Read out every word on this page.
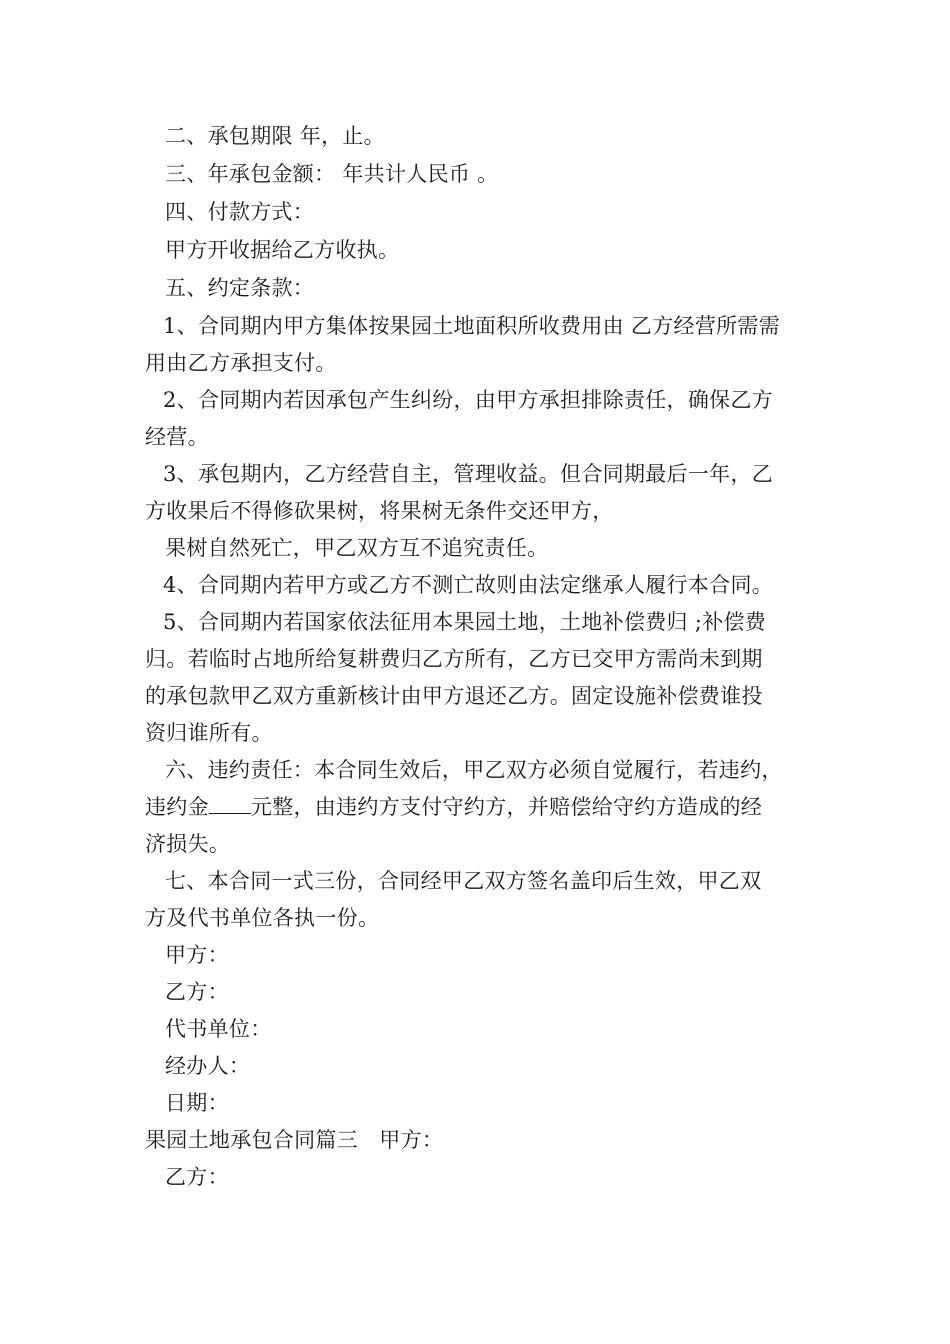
二、承包期限 年，止。
三、年承包金额： 年共计人民币 。
四、付款方式：
甲方开收据给乙方收执。
五、约定条款：
1、合同期内甲方集体按果园土地面积所收费用由 乙方经营所需需
用由乙方承担支付。
2、合同期内若因承包产生纠纷，由甲方承担排除责任，确保乙方
经营。
3、承包期内，乙方经营自主，管理收益。但合同期最后一年，乙
方收果后不得修砍果树，将果树无条件交还甲方，
果树自然死亡，甲乙双方互不追究责任。
4、合同期内若甲方或乙方不测亡故则由法定继承人履行本合同。
5、合同期内若国家依法征用本果园土地，土地补偿费归 ;补偿费
归。若临时占地所给复耕费归乙方所有，乙方已交甲方需尚未到期
的承包款甲乙双方重新核计由甲方退还乙方。固定设施补偿费谁投
资归谁所有。
六、违约责任：本合同生效后，甲乙双方必须自觉履行，若违约，
违约金 元整，由违约方支付守约方，并赔偿给守约方造成的经
济损失。
七、本合同一式三份，合同经甲乙双方签名盖印后生效，甲乙双
方及代书单位各执一份。
甲方：
乙方：
代书单位：
经办人：
日期：
果园土地承包合同篇三　甲方：
乙方：
